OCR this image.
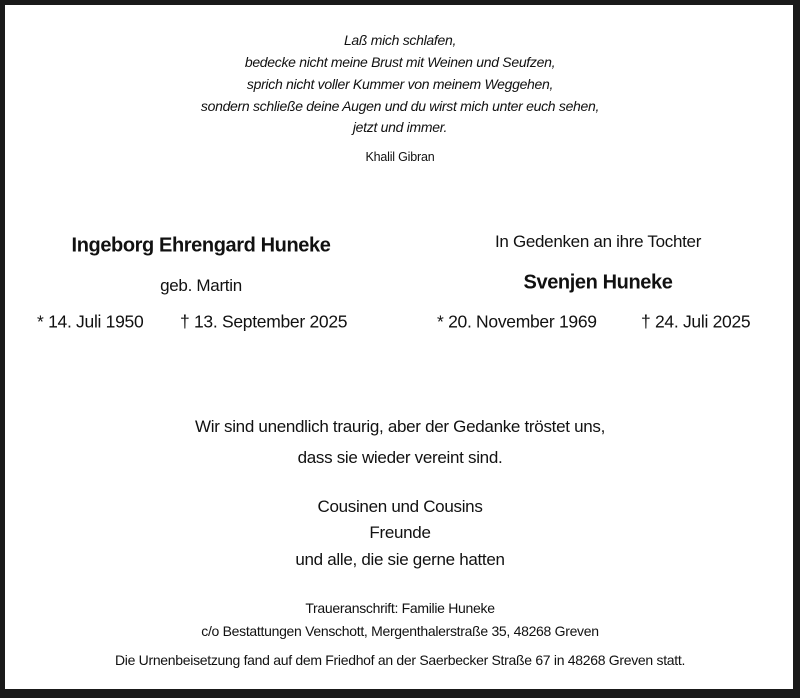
Laß mich schlafen,
bedecke nicht meine Brust mit Weinen und Seufzen,
sprich nicht voller Kummer von meinem Weggehen,
sondern schließe deine Augen und du wirst mich unter euch sehen,
jetzt und immer.
Khalil Gibran
Ingeborg Ehrengard Huneke
geb. Martin
* 14. Juli 1950 † 13. September 2025
In Gedenken an ihre Tochter
Svenjen Huneke
* 20. November 1969	† 24. Juli 2025
Wir sind unendlich traurig, aber der Gedanke tröstet uns,
dass sie wieder vereint sind.
Cousinen und Cousins
Freunde
und alle, die sie gerne hatten
Traueranschrift: Familie Huneke
c/o Bestattungen Venschott, Mergenthalerstraße 35, 48268 Greven
Die Urnenbeisetzung fand auf dem Friedhof an der Saerbecker Straße 67 in 48268 Greven statt.
